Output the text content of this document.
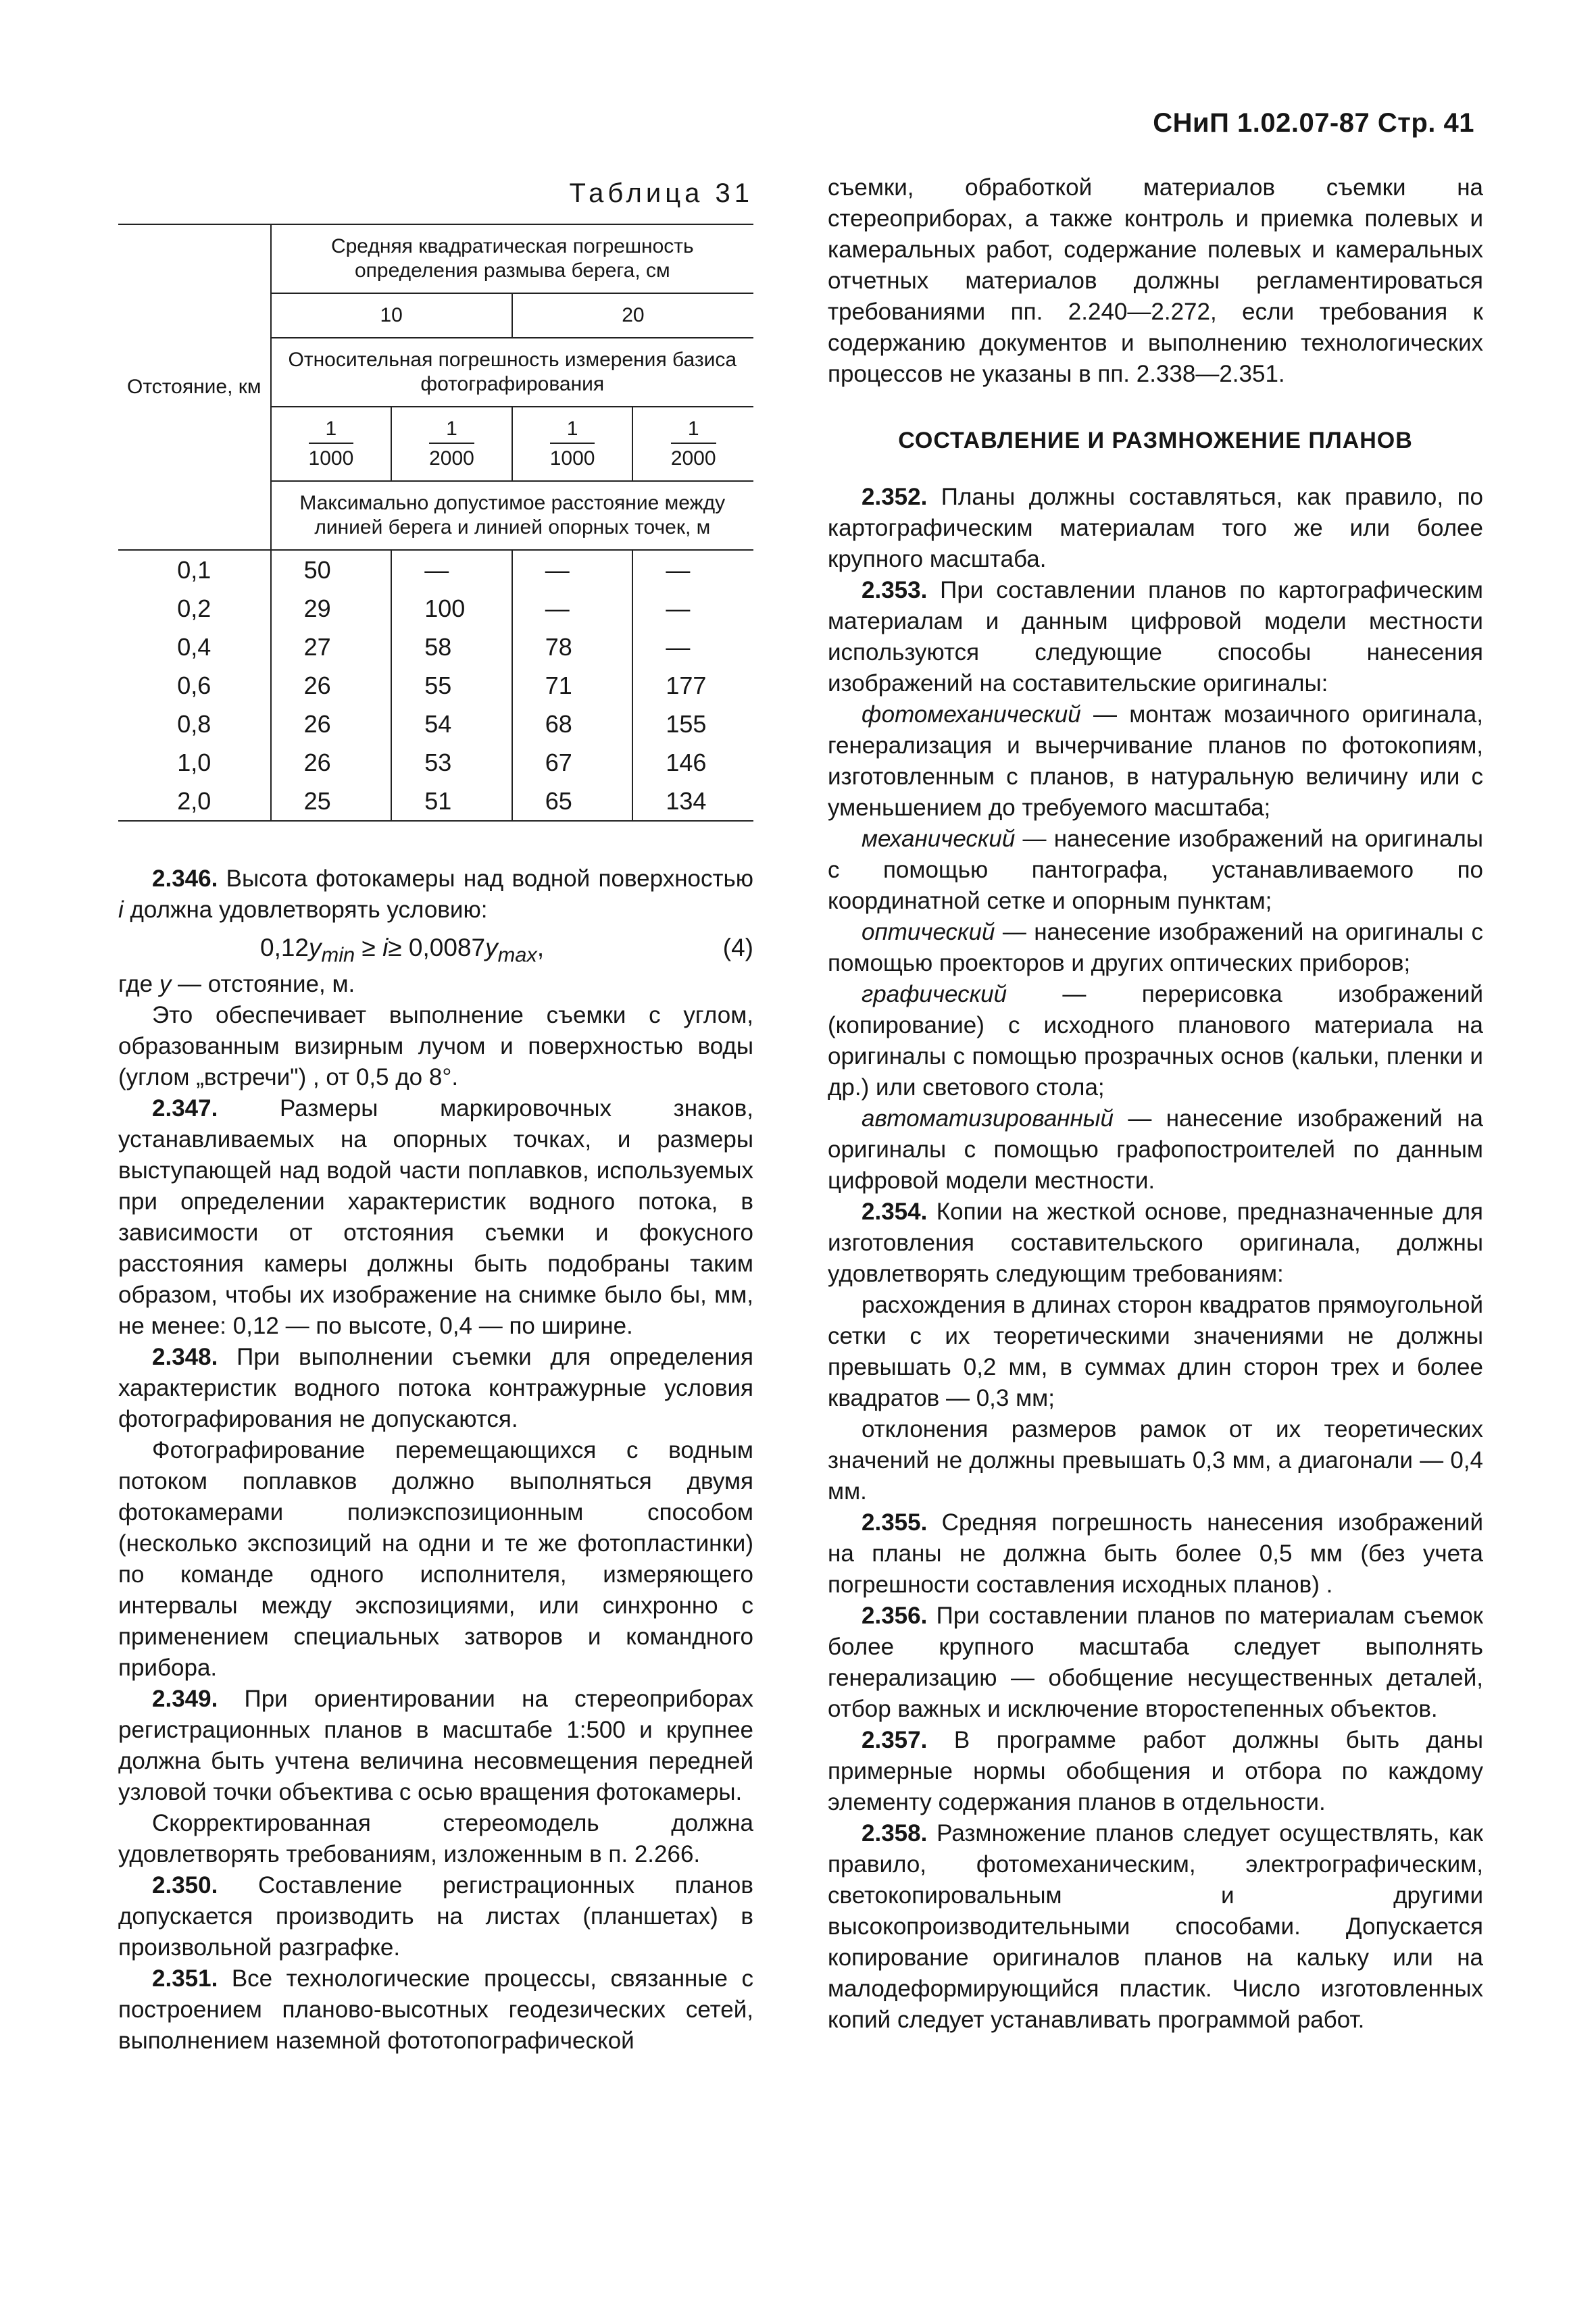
СНиП 1.02.07-87 Стр. 41
Таблица 31
Отстояние, км	Средняя квадратическая погрешность определения размыва берега, см			
	10		20	
	Относительная погрешность измерения базиса фотографирования			

	$\frac{1}{1000}$	$\frac{1}{2000}$	$\frac{1}{1000}$	$\frac{1}{2000}$

	Максимально допустимое расстояние между линией берега и линией опорных точек, м			
0,1	50	—	—	—
0,2	29	100	—	—
0,4	27	58	78	—
0,6	26	55	71	177
0,8	26	54	68	155
1,0	26	53	67	146
2,0	25	51	65	134

2.346. Высота фотокамеры над водной поверхностью i должна удовлетворять условию:

$0,12y_{min} \ge i\ge 0,0087y_{max}$,	(4)

где y — отстояние, м.

Это обеспечивает выполнение съемки с углом, образованным визирным лучом и поверхностью воды (углом „встречи") , от 0,5 до 8°.

2.347. Размеры маркировочных знаков, устанавливаемых на опорных точках, и размеры выступающей над водой части поплавков, используемых при определении характеристик водного потока, в зависимости от отстояния съемки и фокусного расстояния камеры должны быть подобраны таким образом, чтобы их изображение на снимке было бы, мм, не менее: 0,12 — по высоте, 0,4 — по ширине.

2.348. При выполнении съемки для определения характеристик водного потока контражурные условия фотографирования не допускаются.

Фотографирование перемещающихся с водным потоком поплавков должно выполняться двумя фотокамерами полиэкспозиционным способом (несколько экспозиций на одни и те же фотопластинки) по команде одного исполнителя, измеряющего интервалы между экспозициями, или синхронно с применением специальных затворов и командного прибора.

2.349. При ориентировании на стереоприборах регистрационных планов в масштабе 1:500 и крупнее должна быть учтена величина несовмещения передней узловой точки объектива с осью вращения фотокамеры.

Скорректированная стереомодель должна удовлетворять требованиям, изложенным в п. 2.266.

2.350. Составление регистрационных планов допускается производить на листах (планшетах) в произвольной разграфке.

2.351. Все технологические процессы, связанные с построением планово-высотных геодезических сетей, выполнением наземной фототопографической

съемки, обработкой материалов съемки на стереоприборах, а также контроль и приемка полевых и камеральных работ, содержание полевых и камеральных отчетных материалов должны регламентироваться требованиями пп. 2.240—2.272, если требования к содержанию документов и выполнению технологических процессов не указаны в пп. 2.338—2.351.

СОСТАВЛЕНИЕ И РАЗМНОЖЕНИЕ ПЛАНОВ

2.352. Планы должны составляться, как правило, по картографическим материалам того же или более крупного масштаба.

2.353. При составлении планов по картографическим материалам и данным цифровой модели местности используются следующие способы нанесения изображений на составительские оригиналы:

фотомеханический — монтаж мозаичного оригинала, генерализация и вычерчивание планов по фотокопиям, изготовленным с планов, в натуральную величину или с уменьшением до требуемого масштаба;

механический — нанесение изображений на оригиналы с помощью пантографа, устанавливаемого по координатной сетке и опорным пунктам;

оптический — нанесение изображений на оригиналы с помощью проекторов и других оптических приборов;

графический — перерисовка изображений (копирование) с исходного планового материала на оригиналы с помощью прозрачных основ (кальки, пленки и др.) или светового стола;

автоматизированный — нанесение изображений на оригиналы с помощью графопостроителей по данным цифровой модели местности.

2.354. Копии на жесткой основе, предназначенные для изготовления составительского оригинала, должны удовлетворять следующим требованиям:

расхождения в длинах сторон квадратов прямоугольной сетки с их теоретическими значениями не должны превышать 0,2 мм, в суммах длин сторон трех и более квадратов — 0,3 мм;

отклонения размеров рамок от их теоретических значений не должны превышать 0,3 мм, а диагонали — 0,4 мм.

2.355. Средняя погрешность нанесения изображений на планы не должна быть более 0,5 мм (без учета погрешности составления исходных планов) .

2.356. При составлении планов по материалам съемок более крупного масштаба следует выполнять генерализацию — обобщение несущественных деталей, отбор важных и исключение второстепенных объектов.

2.357. В программе работ должны быть даны примерные нормы обобщения и отбора по каждому элементу содержания планов в отдельности.

2.358. Размножение планов следует осуществлять, как правило, фотомеханическим, электрографическим, светокопировальным и другими высокопроизводительными способами. Допускается копирование оригиналов планов на кальку или на малодеформирующийся пластик. Число изготовленных копий следует устанавливать программой работ.
